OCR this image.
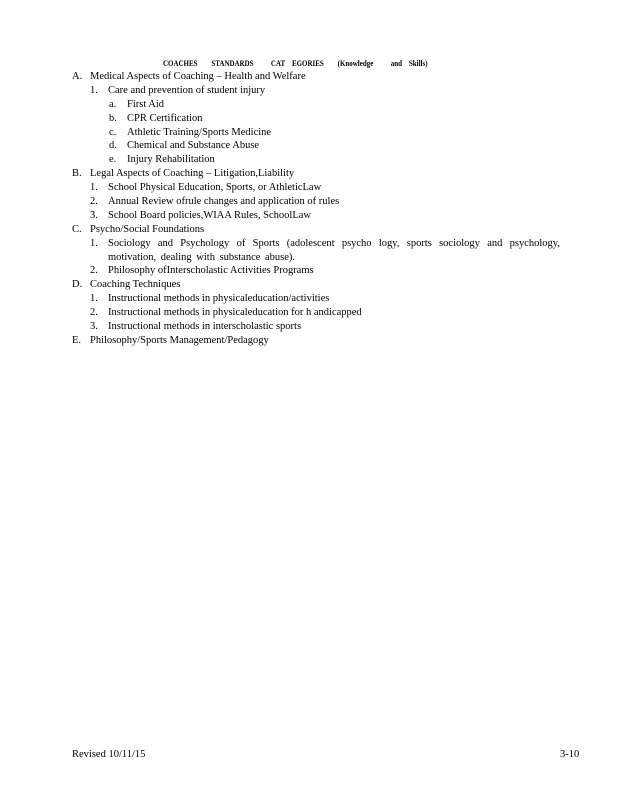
COACHES        STANDARDS          CAT    EGORIES        (Knowledge          and    Skills)
A. Medical Aspects of Coaching – Health and Welfare
1. Care and prevention of student injury
a. First Aid
b. CPR Certification
c. Athletic Training/Sports Medicine
d. Chemical and Substance Abuse
e. Injury Rehabilitation
B. Legal Aspects of Coaching – Litigation,Liability
1. School Physical Education, Sports, or AthleticLaw
2. Annual Review ofrule changes and application of rules
3. School Board policies,WIAA Rules, SchoolLaw
C. Psycho/Social Foundations
1. Sociology and Psychology of Sports (adolescent psycho logy, sports sociology and psychology, motivation, dealing with substance abuse).
2. Philosophy ofInterscholastic Activities Programs
D. Coaching Techniques
1. Instructional methods in physicaleducation/activities
2. Instructional methods in physicaleducation for h andicapped
3. Instructional methods in interscholastic sports
E. Philosophy/Sports Management/Pedagogy
Revised 10/11/15	3-10
